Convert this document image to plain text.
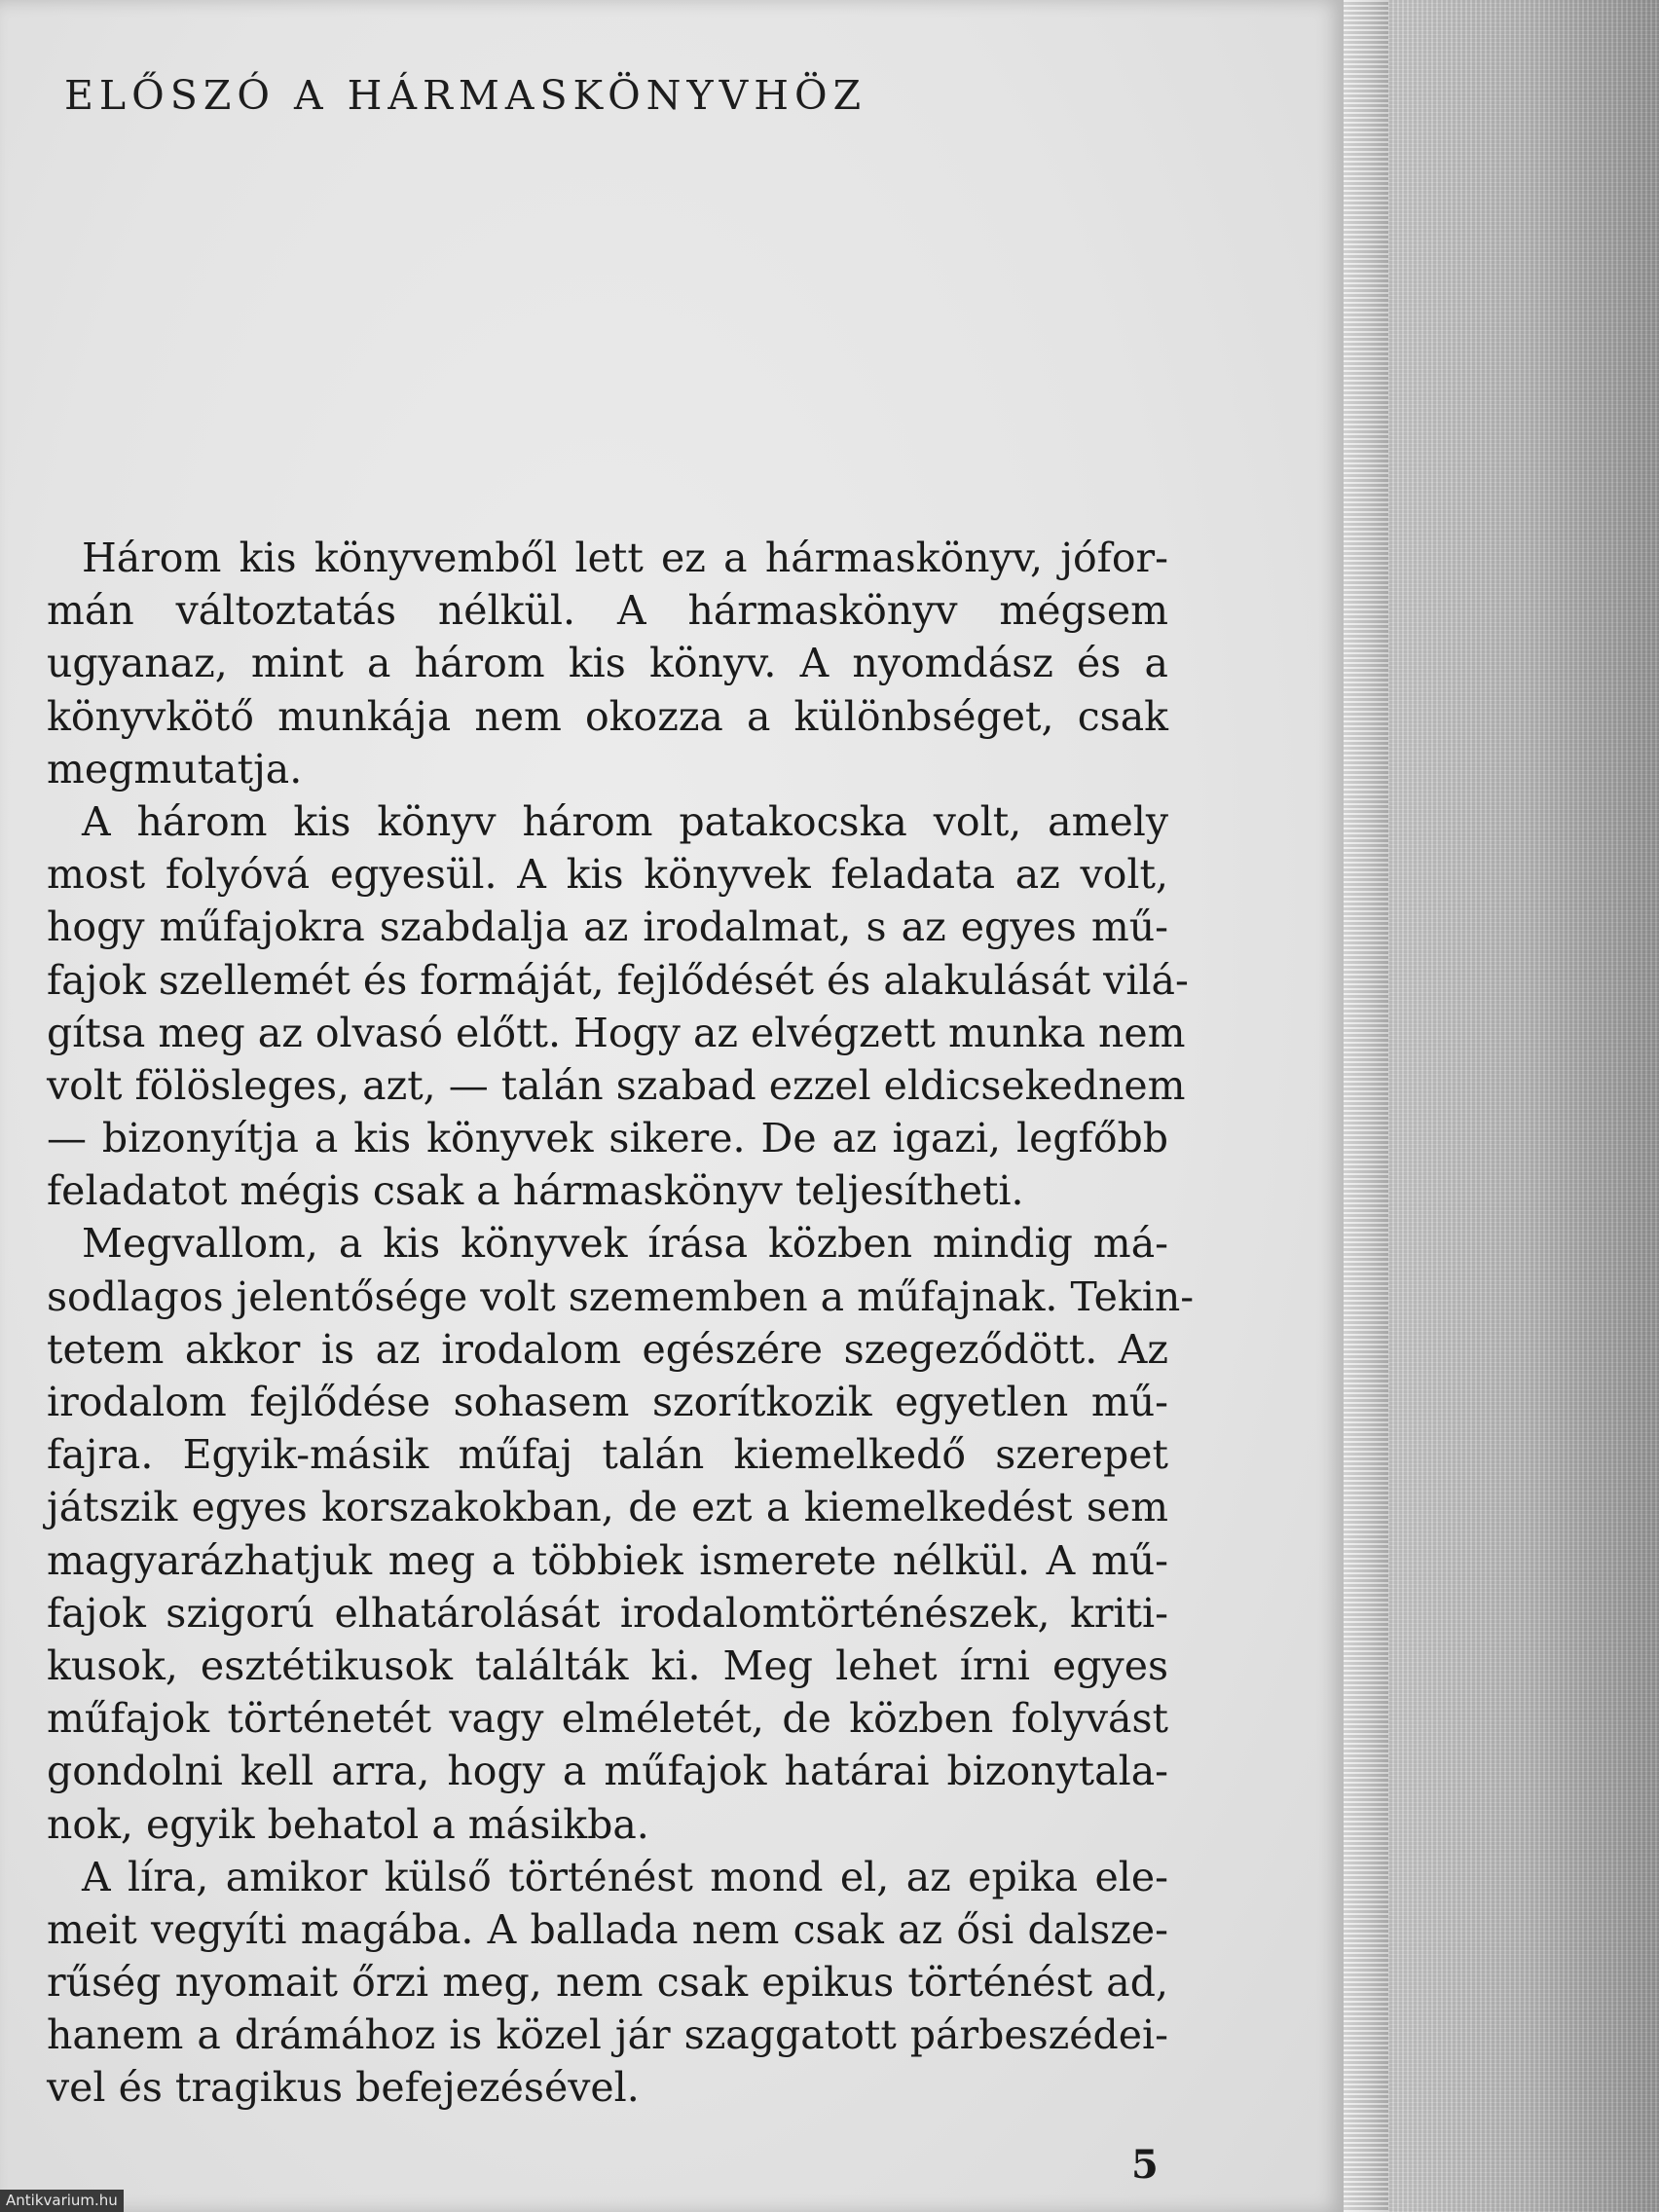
ELŐSZÓ A HÁRMASKÖNYVHÖZ
Három kis könyvemből lett ez a hármaskönyv, jófor-
mán változtatás nélkül. A hármaskönyv mégsem
ugyanaz, mint a három kis könyv. A nyomdász és a
könyvkötő munkája nem okozza a különbséget, csak
megmutatja.
A három kis könyv három patakocska volt, amely
most folyóvá egyesül. A kis könyvek feladata az volt,
hogy műfajokra szabdalja az irodalmat, s az egyes mű-
fajok szellemét és formáját, fejlődését és alakulását vilá-
gítsa meg az olvasó előtt. Hogy az elvégzett munka nem
volt fölösleges, azt, — talán szabad ezzel eldicsekednem
— bizonyítja a kis könyvek sikere. De az igazi, legfőbb
feladatot mégis csak a hármaskönyv teljesítheti.
Megvallom, a kis könyvek írása közben mindig má-
sodlagos jelentősége volt szememben a műfajnak. Tekin-
tetem akkor is az irodalom egészére szegeződött. Az
irodalom fejlődése sohasem szorítkozik egyetlen mű-
fajra. Egyik-másik műfaj talán kiemelkedő szerepet
játszik egyes korszakokban, de ezt a kiemelkedést sem
magyarázhatjuk meg a többiek ismerete nélkül. A mű-
fajok szigorú elhatárolását irodalomtörténészek, kriti-
kusok, esztétikusok találták ki. Meg lehet írni egyes
műfajok történetét vagy elméletét, de közben folyvást
gondolni kell arra, hogy a műfajok határai bizonytala-
nok, egyik behatol a másikba.
A líra, amikor külső történést mond el, az epika ele-
meit vegyíti magába. A ballada nem csak az ősi dalsze-
rűség nyomait őrzi meg, nem csak epikus történést ad,
hanem a drámához is közel jár szaggatott párbeszédei-
vel és tragikus befejezésével.
5
Antikvarium.hu
